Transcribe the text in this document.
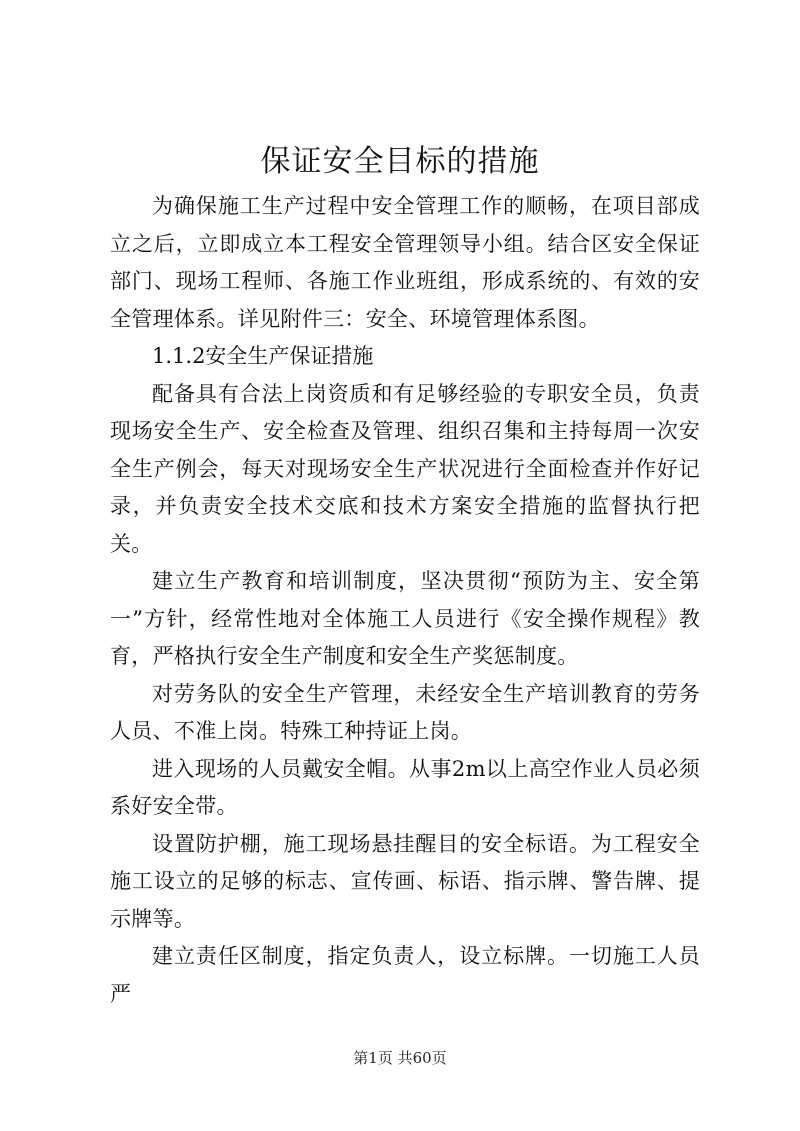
保证安全目标的措施

为确保施工生产过程中安全管理工作的顺畅，在项目部成立之后，立即成立本工程安全管理领导小组。结合区安全保证部门、现场工程师、各施工作业班组，形成系统的、有效的安全管理体系。详见附件三：安全、环境管理体系图。

1.1.2安全生产保证措施

配备具有合法上岗资质和有足够经验的专职安全员，负责现场安全生产、安全检查及管理、组织召集和主持每周一次安全生产例会，每天对现场安全生产状况进行全面检查并作好记录，并负责安全技术交底和技术方案安全措施的监督执行把关。

建立生产教育和培训制度，坚决贯彻“预防为主、安全第一”方针，经常性地对全体施工人员进行《安全操作规程》教育，严格执行安全生产制度和安全生产奖惩制度。

对劳务队的安全生产管理，未经安全生产培训教育的劳务人员、不准上岗。特殊工种持证上岗。

进入现场的人员戴安全帽。从事2m以上高空作业人员必须系好安全带。

设置防护棚，施工现场悬挂醒目的安全标语。为工程安全施工设立的足够的标志、宣传画、标语、指示牌、警告牌、提示牌等。

建立责任区制度，指定负责人，设立标牌。一切施工人员严

第1页 共60页
